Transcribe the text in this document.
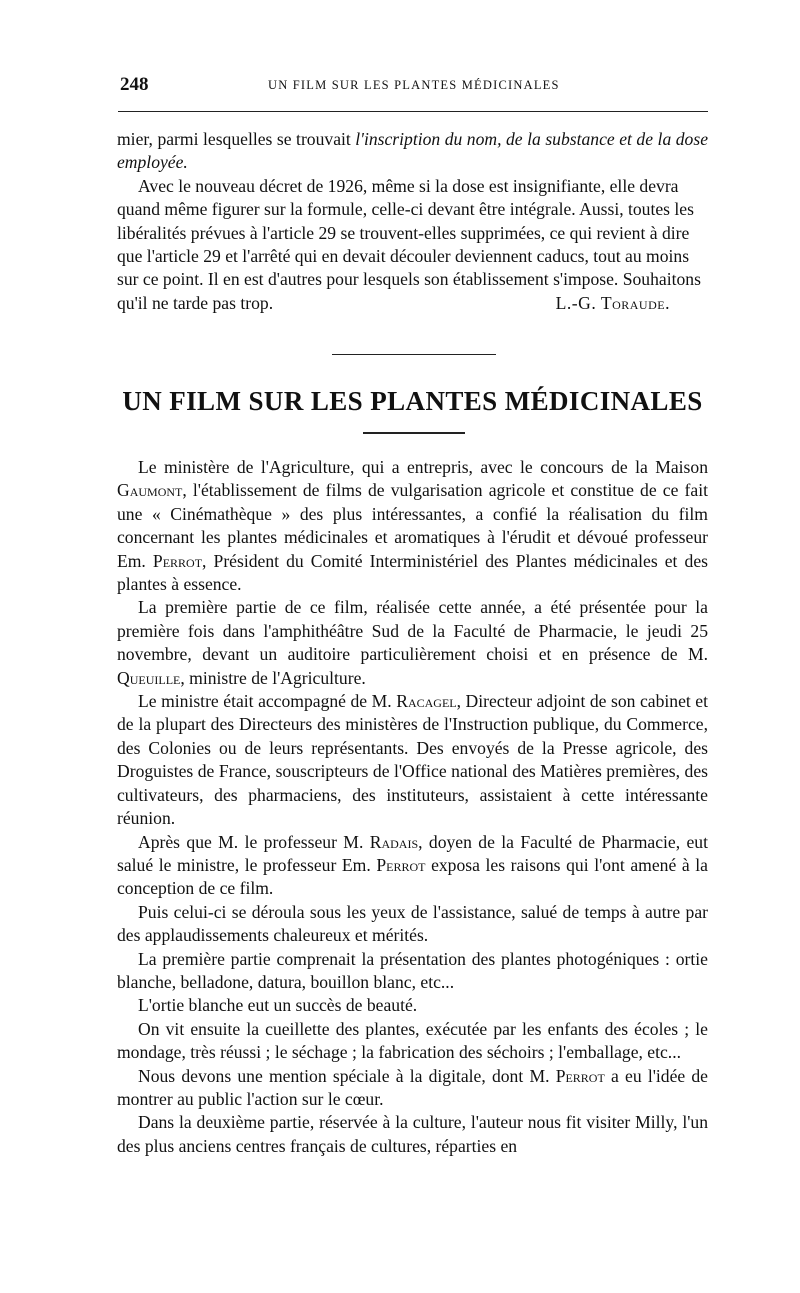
248	UN FILM SUR LES PLANTES MÉDICINALES

mier, parmi lesquelles se trouvait l'inscription du nom, de la substance et de la dose employée.

Avec le nouveau décret de 1926, même si la dose est insignifiante, elle devra quand même figurer sur la formule, celle-ci devant être intégrale. Aussi, toutes les libéralités prévues à l'article 29 se trouvent-elles supprimées, ce qui revient à dire que l'article 29 et l'arrêté qui en devait découler deviennent caducs, tout au moins sur ce point. Il en est d'autres pour lesquels son établissement s'impose. Souhaitons qu'il ne tarde pas trop.	L.-G. Toraude.

UN FILM SUR LES PLANTES MÉDICINALES

Le ministère de l'Agriculture, qui a entrepris, avec le concours de la Maison Gaumont, l'établissement de films de vulgarisation agricole et constitue de ce fait une « Cinémathèque » des plus intéressantes, a confié la réalisation du film concernant les plantes médicinales et aromatiques à l'érudit et dévoué professeur Em. Perrot, Président du Comité Interministériel des Plantes médicinales et des plantes à essence.

La première partie de ce film, réalisée cette année, a été présentée pour la première fois dans l'amphithéâtre Sud de la Faculté de Pharmacie, le jeudi 25 novembre, devant un auditoire particulièrement choisi et en présence de M. Queuille, ministre de l'Agriculture.

Le ministre était accompagné de M. Racagel, Directeur adjoint de son cabinet et de la plupart des Directeurs des ministères de l'Instruction publique, du Commerce, des Colonies ou de leurs représentants. Des envoyés de la Presse agricole, des Droguistes de France, souscripteurs de l'Office national des Matières premières, des cultivateurs, des pharmaciens, des instituteurs, assistaient à cette intéressante réunion.

Après que M. le professeur M. Radais, doyen de la Faculté de Pharmacie, eut salué le ministre, le professeur Em. Perrot exposa les raisons qui l'ont amené à la conception de ce film.

Puis celui-ci se déroula sous les yeux de l'assistance, salué de temps à autre par des applaudissements chaleureux et mérités.

La première partie comprenait la présentation des plantes photogéniques : ortie blanche, belladone, datura, bouillon blanc, etc...

L'ortie blanche eut un succès de beauté.

On vit ensuite la cueillette des plantes, exécutée par les enfants des écoles ; le mondage, très réussi ; le séchage ; la fabrication des séchoirs ; l'emballage, etc...

Nous devons une mention spéciale à la digitale, dont M. Perrot a eu l'idée de montrer au public l'action sur le cœur.

Dans la deuxième partie, réservée à la culture, l'auteur nous fit visiter Milly, l'un des plus anciens centres français de cultures, réparties en
